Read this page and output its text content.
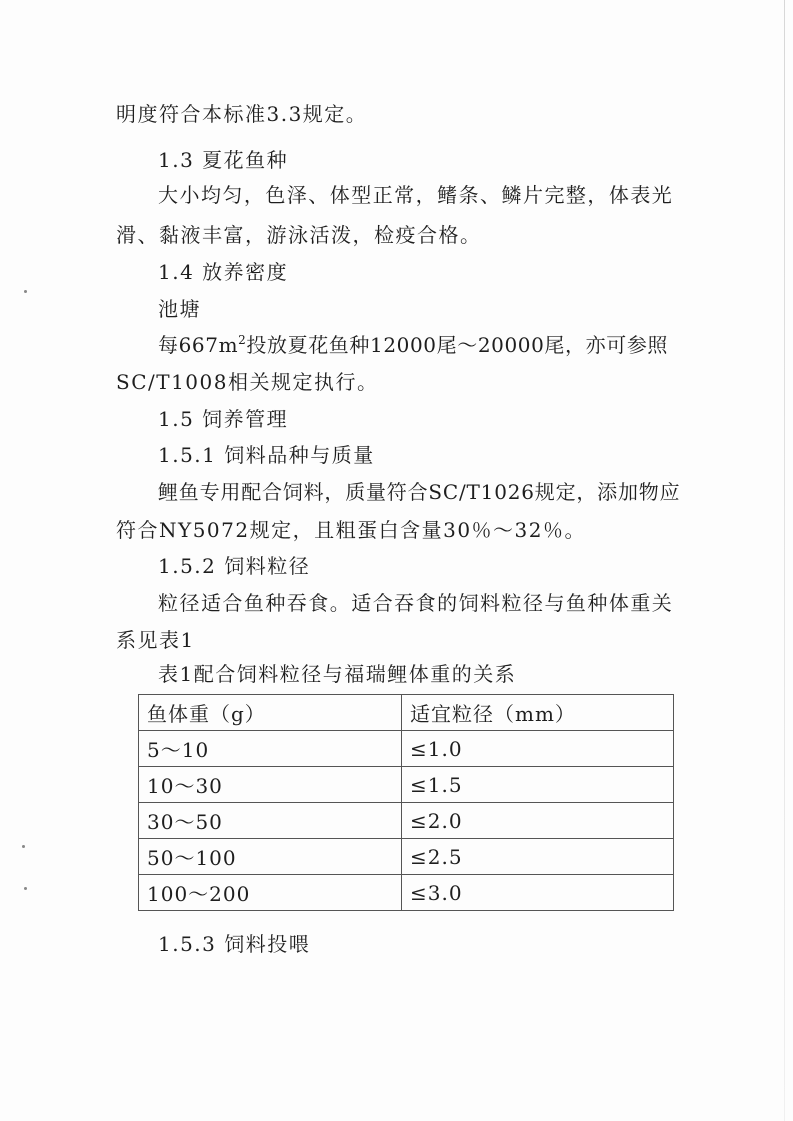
明度符合本标准3.3规定。
1.3 夏花鱼种
大 小 均 匀 ， 色 泽 、 体 型 正 常 ， 鳍 条 、 鳞 片 完 整 ， 体 表 光
滑、黏液丰富，游泳活泼，检疫合格。
1.4 放养密度
池塘
每$667m^2$投放夏花鱼种12000尾～20000尾，亦可参照
SC/T1008相关规定执行。
1.5 饲养管理
1.5.1 饲料品种与质量
鲤鱼专用配合饲料，质量符合SC/T1026规定，添加物应
符合NY5072规定，且粗蛋白含量30％～32％。
1.5.2 饲料粒径
粒 径 适 合 鱼 种 吞 食 。 适 合 吞 食 的 饲 料 粒 径 与 鱼 种 体 重 关
系见表1
表1配合饲料粒径与福瑞鲤体重的关系
鱼体重（g）	适宜粒径（mm）
5～10	≤1.0
10～30	≤1.5
30～50	≤2.0
50～100	≤2.5
100～200	≤3.0
1.5.3 饲料投喂
